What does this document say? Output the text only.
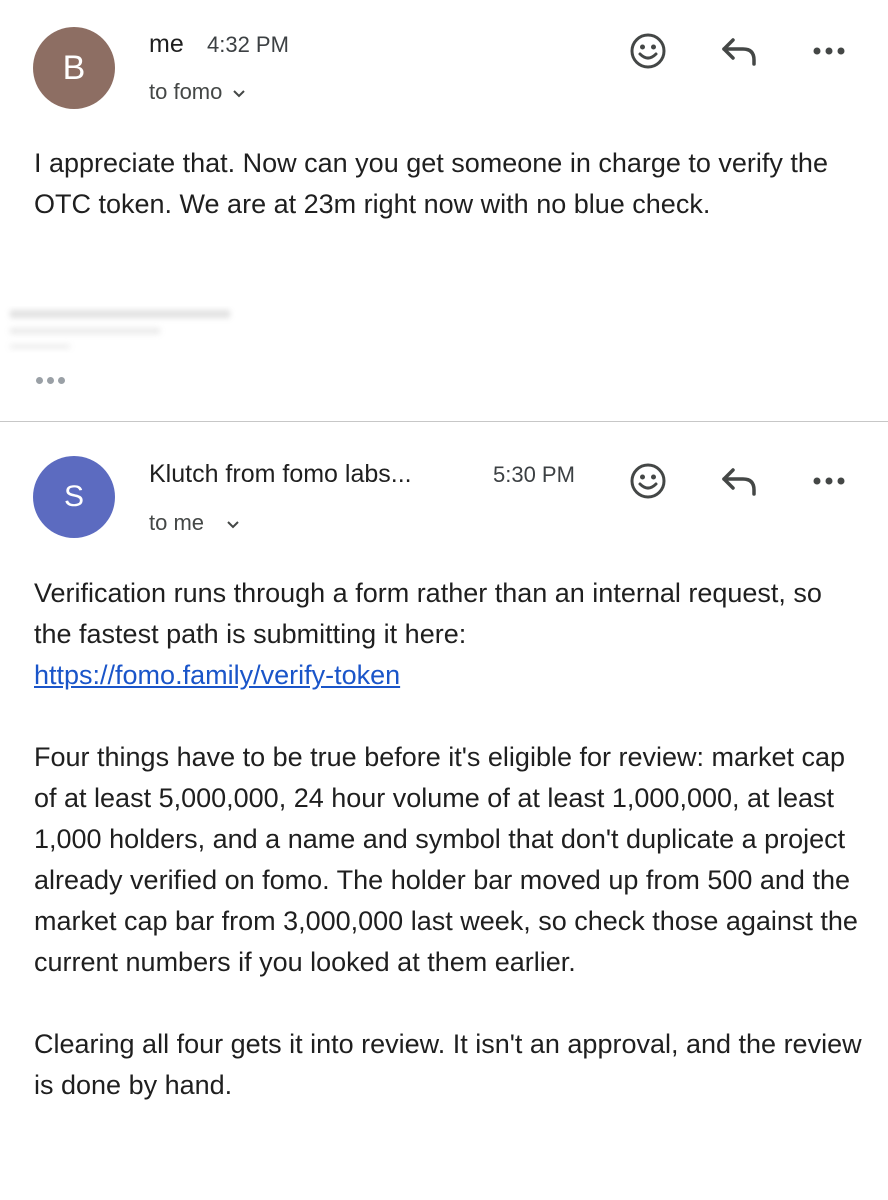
B
me 4:32 PM
to fomo

I appreciate that. Now can you get someone in charge to verify the OTC token. We are at 23m right now with no blue check.

S
Klutch from fomo labs...	5:30 PM
to me

Verification runs through a form rather than an internal request, so the fastest path is submitting it here:
https://fomo.family/verify-token

Four things have to be true before it's eligible for review: market cap of at least 5,000,000, 24 hour volume of at least 1,000,000, at least 1,000 holders, and a name and symbol that don't duplicate a project already verified on fomo. The holder bar moved up from 500 and the market cap bar from 3,000,000 last week, so check those against the current numbers if you looked at them earlier.

Clearing all four gets it into review. It isn't an approval, and the review is done by hand.
